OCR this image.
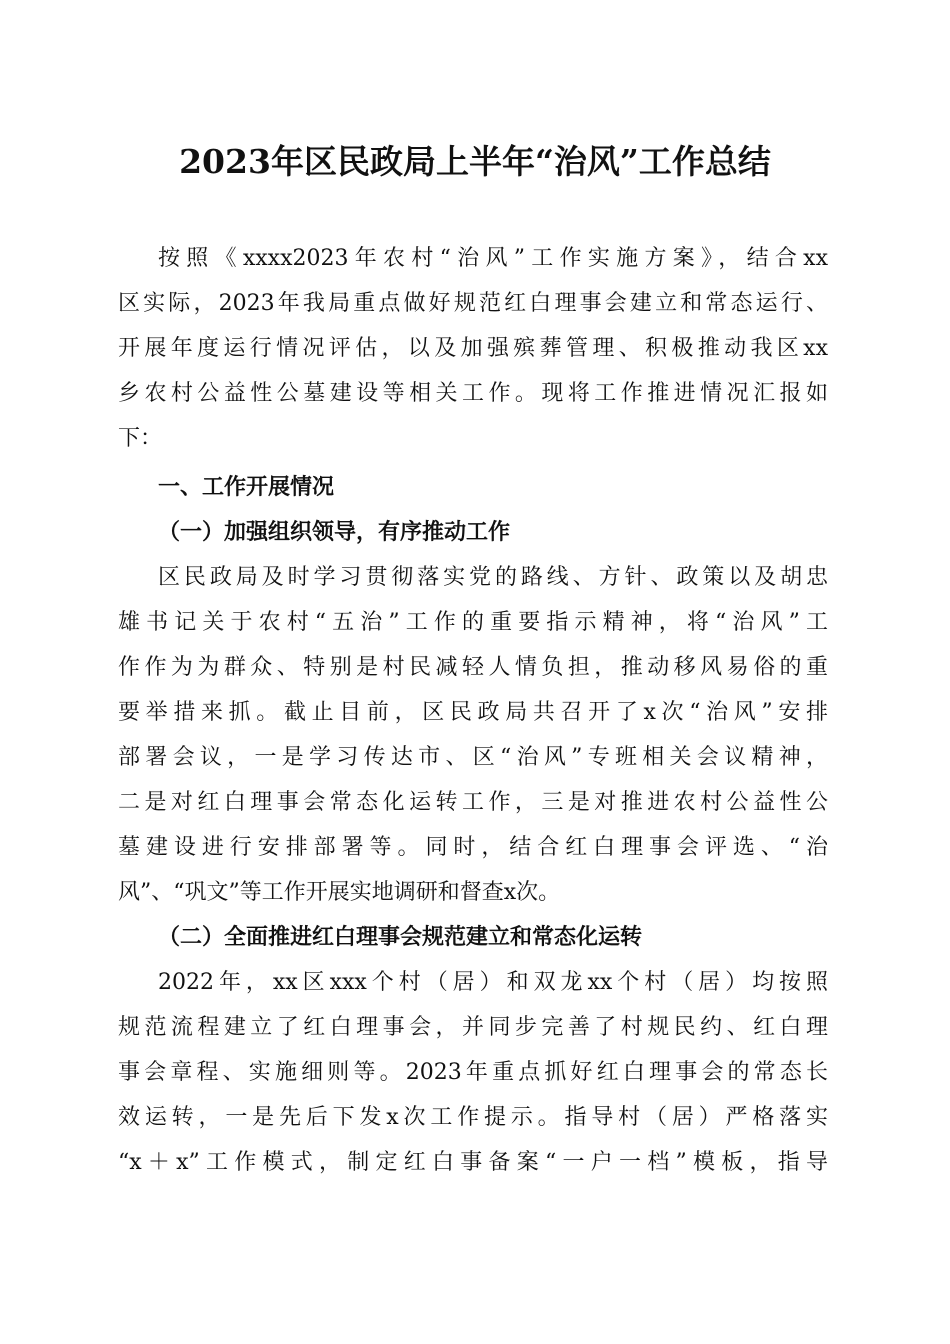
2023年区民政局上半年“治风”工作总结

按照《xxxx2023年农村“治风”工作实施方案》，结合xx
区实际，2023年我局重点做好规范红白理事会建立和常态运行、
开展年度运行情况评估，以及加强殡葬管理、积极推动我区xx
乡农村公益性公墓建设等相关工作。现将工作推进情况汇报如
下：

一、工作开展情况

（一）加强组织领导，有序推动工作

区民政局及时学习贯彻落实党的路线、方针、政策以及胡忠
雄书记关于农村“五治”工作的重要指示精神，将“治风”工
作作为为群众、特别是村民减轻人情负担，推动移风易俗的重
要举措来抓。截止目前，区民政局共召开了x次“治风”安排
部署会议，一是学习传达市、区“治风”专班相关会议精神，
二是对红白理事会常态化运转工作，三是对推进农村公益性公
墓建设进行安排部署等。同时，结合红白理事会评选、“治
风”、“巩文”等工作开展实地调研和督查x次。

（二）全面推进红白理事会规范建立和常态化运转

2022年，xx区xxx个村（居）和双龙xx个村（居）均按照
规范流程建立了红白理事会，并同步完善了村规民约、红白理
事会章程、实施细则等。2023年重点抓好红白理事会的常态长
效运转，一是先后下发x次工作提示。指导村（居）严格落实
“x＋x”工作模式，制定红白事备案“一户一档”模板，指导
